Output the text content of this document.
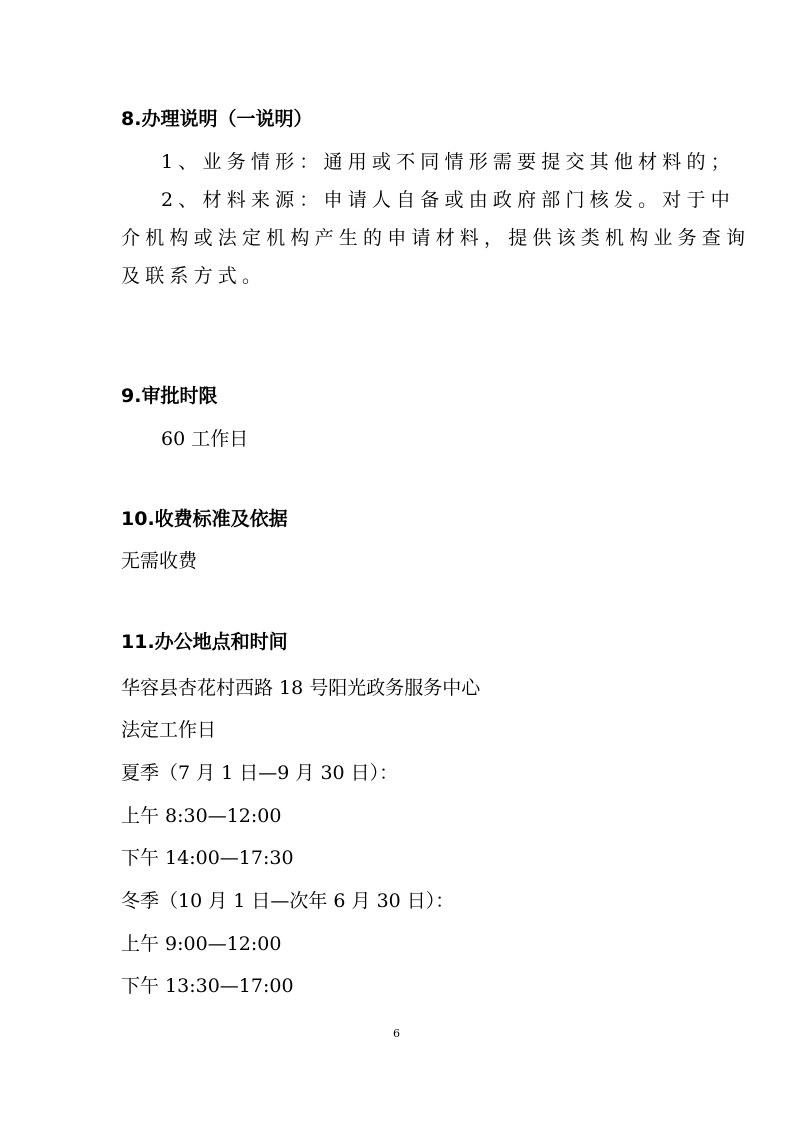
8.办理说明（一说明）

1、业务情形：通用或不同情形需要提交其他材料的；

2、材料来源：申请人自备或由政府部门核发。对于中

介机构或法定机构产生的申请材料，提供该类机构业务查询

及联系方式。

9.审批时限

60 工作日

10.收费标准及依据

无需收费

11.办公地点和时间

华容县杏花村西路 18 号阳光政务服务中心

法定工作日

夏季（7 月 1 日—9 月 30 日）：

上午 8:30—12:00

下午 14:00—17:30

冬季（10 月 1 日—次年 6 月 30 日）：

上午 9:00—12:00

下午 13:30—17:00

6
